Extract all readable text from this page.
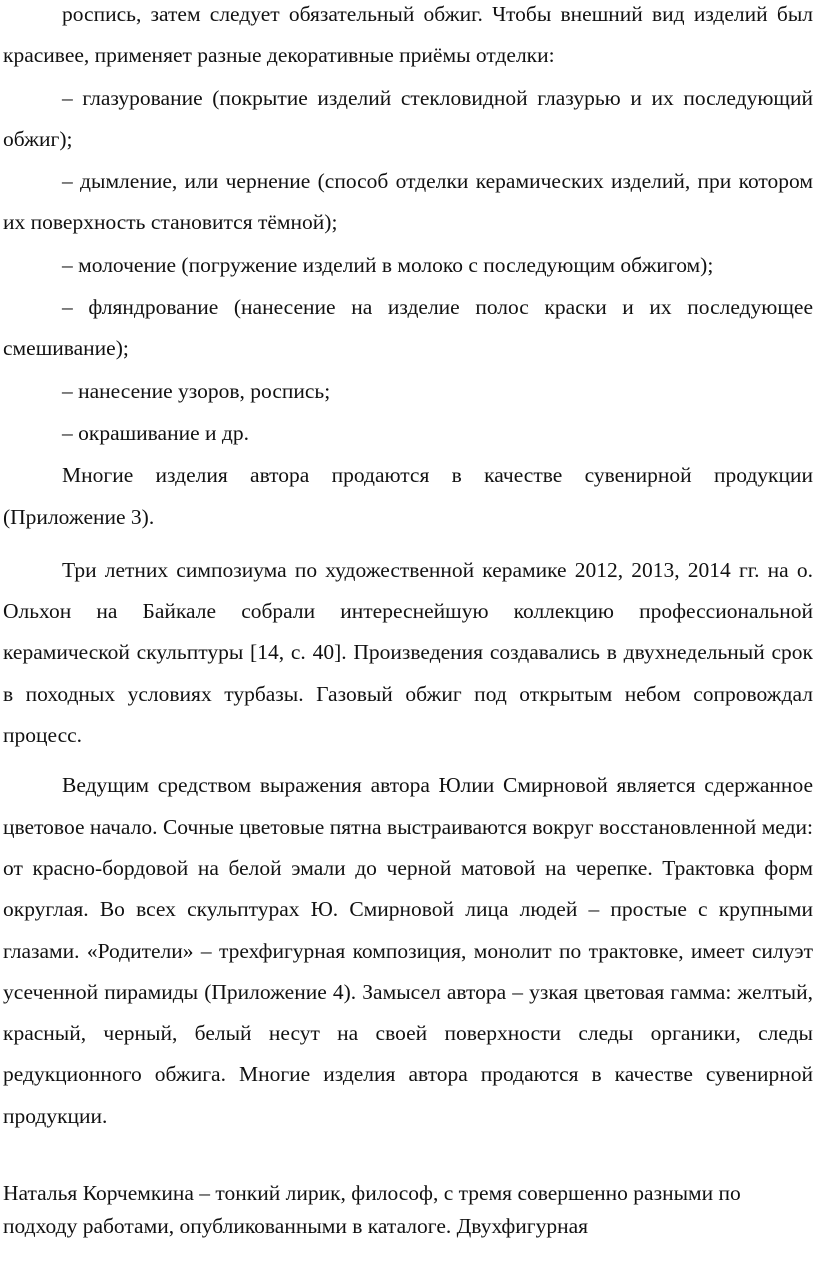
роспись, затем следует обязательный обжиг. Чтобы внешний вид изделий был красивее, применяет разные декоративные приёмы отделки:

– глазурование (покрытие изделий стекловидной глазурью и их последующий обжиг);

– дымление, или чернение (способ отделки керамических изделий, при котором их поверхность становится тёмной);

– молочение (погружение изделий в молоко с последующим обжигом);

– фляндрование (нанесение на изделие полос краски и их последующее смешивание);

– нанесение узоров, роспись;

– окрашивание и др.

Многие изделия автора продаются в качестве сувенирной продукции (Приложение 3).

Три летних симпозиума по художественной керамике 2012, 2013, 2014 гг. на о. Ольхон на Байкале собрали интереснейшую коллекцию профессиональной керамической скульптуры [14, с. 40]. Произведения создавались в двухнедельный срок в походных условиях турбазы. Газовый обжиг под открытым небом сопровождал процесс.

Ведущим средством выражения автора Юлии Смирновой является сдержанное цветовое начало. Сочные цветовые пятна выстраиваются вокруг восстановленной меди: от красно-бордовой на белой эмали до черной матовой на черепке. Трактовка форм округлая. Во всех скульптурах Ю. Смирновой лица людей – простые с крупными глазами. «Родители» – трехфигурная композиция, монолит по трактовке, имеет силуэт усеченной пирамиды (Приложение 4). Замысел автора – узкая цветовая гамма: желтый, красный, черный, белый несут на своей поверхности следы органики, следы редукционного обжига. Многие изделия автора продаются в качестве сувенирной продукции.

Наталья Корчемкина – тонкий лирик, философ, с тремя совершенно разными по подходу работами, опубликованными в каталоге. Двухфигурная
